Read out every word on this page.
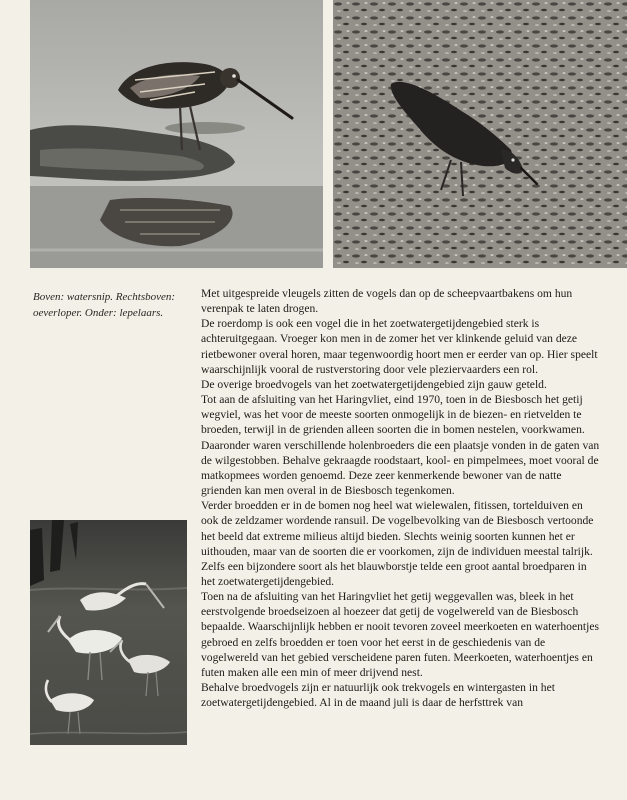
Boven: watersnip. Rechtsboven: oeverloper. Onder: lepelaars.

Met uitgespreide vleugels zitten de vogels dan op de scheepvaartbakens om hun verenpak te laten drogen.

De roerdomp is ook een vogel die in het zoetwatergetijdengebied sterk is achteruitgegaan. Vroeger kon men in de zomer het ver klinkende geluid van deze rietbewoner overal horen, maar tegenwoordig hoort men er eerder van op. Hier speelt waarschijnlijk vooral de rustverstoring door vele pleziervaarders een rol.

De overige broedvogels van het zoetwatergetijdengebied zijn gauw geteld.

Tot aan de afsluiting van het Haringvliet, eind 1970, toen in de Biesbosch het getij wegviel, was het voor de meeste soorten onmogelijk in de biezen- en rietvelden te broeden, terwijl in de grienden alleen soorten die in bomen nestelen, voorkwamen. Daaronder waren verschillende holenbroeders die een plaatsje vonden in de gaten van de wilgestobben. Behalve gekraagde roodstaart, kool- en pimpelmees, moet vooral de matkopmees worden genoemd. Deze zeer kenmerkende bewoner van de natte grienden kan men overal in de Biesbosch tegenkomen.

Verder broedden er in de bomen nog heel wat wielewalen, fitissen, tortelduiven en ook de zeldzamer wordende ransuil. De vogelbevolking van de Biesbosch vertoonde het beeld dat extreme milieus altijd bieden. Slechts weinig soorten kunnen het er uithouden, maar van de soorten die er voorkomen, zijn de individuen meestal talrijk. Zelfs een bijzondere soort als het blauwborstje telde een groot aantal broedparen in het zoetwatergetijdengebied.

Toen na de afsluiting van het Haringvliet het getij weggevallen was, bleek in het eerstvolgende broedseizoen al hoezeer dat getij de vogelwereld van de Biesbosch bepaalde. Waarschijnlijk hebben er nooit tevoren zoveel meerkoeten en waterhoentjes gebroed en zelfs broedden er toen voor het eerst in de geschiedenis van de vogelwereld van het gebied verscheidene paren futen. Meerkoeten, waterhoentjes en futen maken alle een min of meer drijvend nest.

Behalve broedvogels zijn er natuurlijk ook trekvogels en wintergasten in het zoetwatergetijdengebied. Al in de maand juli is daar de herfsttrek van
